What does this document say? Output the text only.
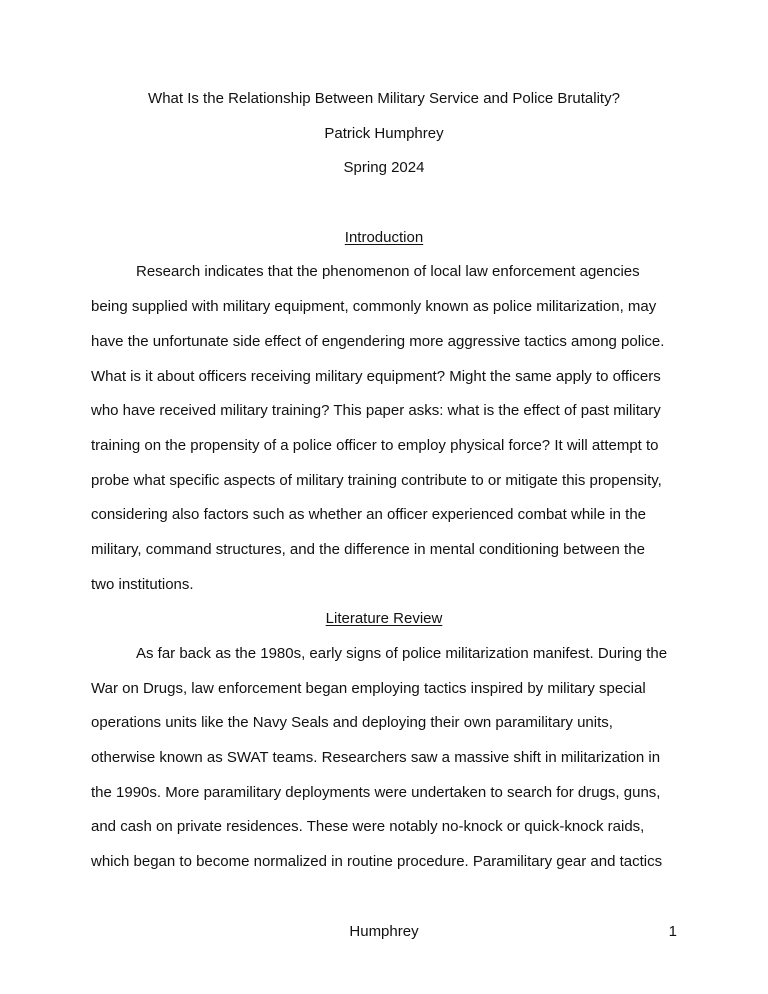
What Is the Relationship Between Military Service and Police Brutality?
Patrick Humphrey
Spring 2024
Introduction
Research indicates that the phenomenon of local law enforcement agencies
being supplied with military equipment, commonly known as police militarization, may
have the unfortunate side effect of engendering more aggressive tactics among police.
What is it about officers receiving military equipment? Might the same apply to officers
who have received military training? This paper asks: what is the effect of past military
training on the propensity of a police officer to employ physical force? It will attempt to
probe what specific aspects of military training contribute to or mitigate this propensity,
considering also factors such as whether an officer experienced combat while in the
military, command structures, and the difference in mental conditioning between the
two institutions.
Literature Review
As far back as the 1980s, early signs of police militarization manifest. During the
War on Drugs, law enforcement began employing tactics inspired by military special
operations units like the Navy Seals and deploying their own paramilitary units,
otherwise known as SWAT teams. Researchers saw a massive shift in militarization in
the 1990s. More paramilitary deployments were undertaken to search for drugs, guns,
and cash on private residences. These were notably no-knock or quick-knock raids,
which began to become normalized in routine procedure. Paramilitary gear and tactics
Humphrey	1
